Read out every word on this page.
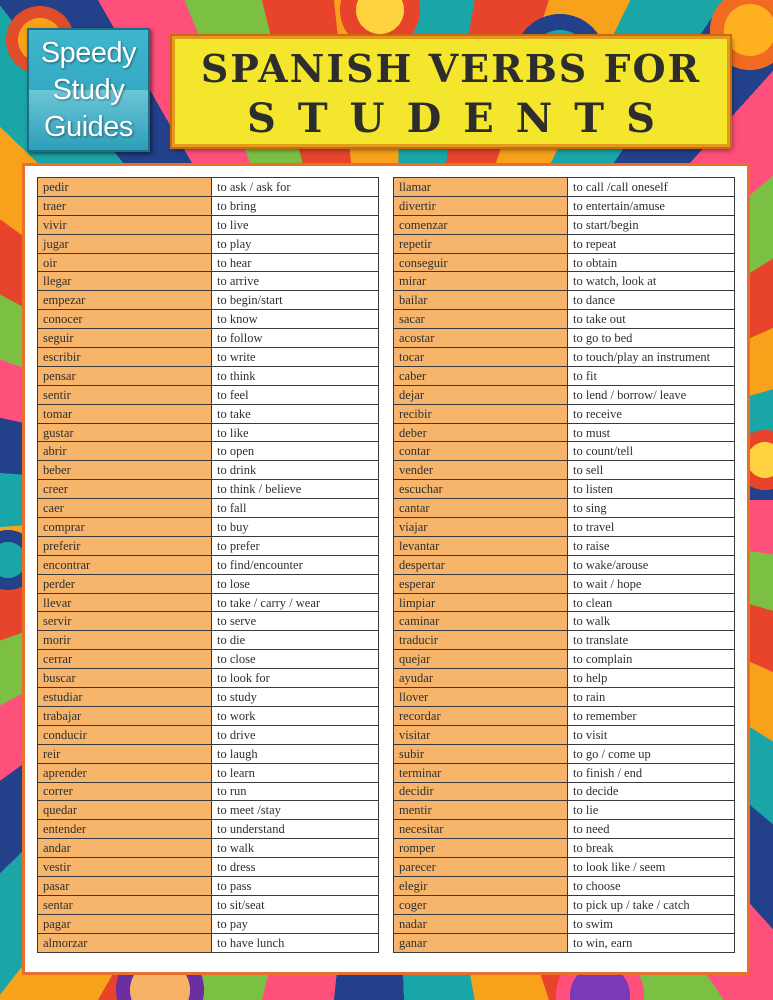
Speedy
Study
Guides
SPANISH VERBS FOR
STUDENTS
pedir	to ask / ask for
traer	to bring
vivir	to live
jugar	to play
oir	to hear
llegar	to arrive
empezar	to begin/start
conocer	to know
seguir	to follow
escribir	to write
pensar	to think
sentir	to feel
tomar	to take
gustar	to like
abrir	to open
beber	to drink
creer	to think / believe
caer	to fall
comprar	to buy
preferir	to prefer
encontrar	to find/encounter
perder	to lose
llevar	to take / carry / wear
servir	to serve
morir	to die
cerrar	to close
buscar	to look for
estudiar	to study
trabajar	to work
conducir	to drive
reir	to laugh
aprender	to learn
correr	to run
quedar	to meet /stay
entender	to understand
andar	to walk
vestir	to dress
pasar	to pass
sentar	to sit/seat
pagar	to pay
almorzar	to have lunch
llamar	to call /call oneself
divertir	to entertain/amuse
comenzar	to start/begin
repetir	to repeat
conseguir	to obtain
mirar	to watch, look at
bailar	to dance
sacar	to take out
acostar	to go to bed
tocar	to touch/play an instrument
caber	to fit
dejar	to lend / borrow/ leave
recibir	to receive
deber	to must
contar	to count/tell
vender	to sell
escuchar	to listen
cantar	to sing
viajar	to travel
levantar	to raise
despertar	to wake/arouse
esperar	to wait / hope
limpiar	to clean
caminar	to walk
traducir	to translate
quejar	to complain
ayudar	to help
llover	to rain
recordar	to remember
visitar	to visit
subir	to go / come up
terminar	to finish / end
decidir	to decide
mentir	to lie
necesitar	to need
romper	to break
parecer	to look like / seem
elegir	to choose
coger	to pick up / take / catch
nadar	to swim
ganar	to win, earn
